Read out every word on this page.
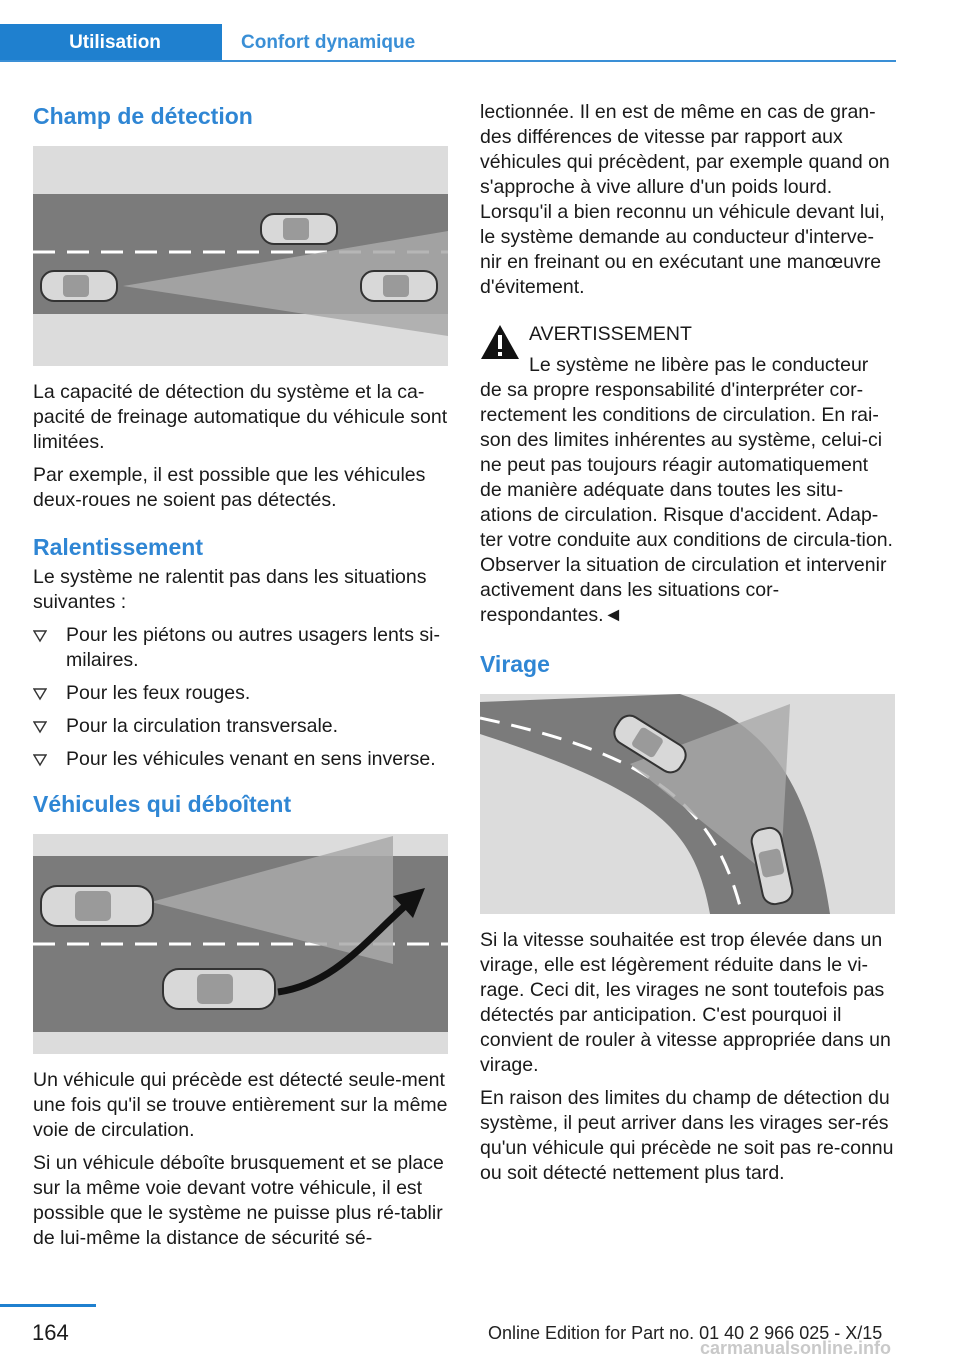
Utilisation	Confort dynamique
Champ de détection

La capacité de détection du système et la ca-pacité de freinage automatique du véhicule sont limitées.

Par exemple, il est possible que les véhicules deux-roues ne soient pas détectés.

Ralentissement

Le système ne ralentit pas dans les situations suivantes :

Pour les piétons ou autres usagers lents si-milaires.
Pour les feux rouges.
Pour la circulation transversale.
Pour les véhicules venant en sens inverse.
Véhicules qui déboîtent

Un véhicule qui précède est détecté seule-ment une fois qu'il se trouve entièrement sur la même voie de circulation.

Si un véhicule déboîte brusquement et se place sur la même voie devant votre véhicule, il est possible que le système ne puisse plus ré-tablir de lui-même la distance de sécurité sé-

lectionnée. Il en est de même en cas de gran-des différences de vitesse par rapport aux véhicules qui précèdent, par exemple quand on s'approche à vive allure d'un poids lourd. Lorsqu'il a bien reconnu un véhicule devant lui, le système demande au conducteur d'interve-nir en freinant ou en exécutant une manœuvre d'évitement.

AVERTISSEMENT

Le système ne libère pas le conducteur de sa propre responsabilité d'interpréter cor-rectement les conditions de circulation. En rai-son des limites inhérentes au système, celui-ci ne peut pas toujours réagir automatiquement de manière adéquate dans toutes les situ-ations de circulation. Risque d'accident. Adap-ter votre conduite aux conditions de circula-tion. Observer la situation de circulation et intervenir activement dans les situations cor-respondantes.◄

Virage

Si la vitesse souhaitée est trop élevée dans un virage, elle est légèrement réduite dans le vi-rage. Ceci dit, les virages ne sont toutefois pas détectés par anticipation. C'est pourquoi il convient de rouler à vitesse appropriée dans un virage.

En raison des limites du champ de détection du système, il peut arriver dans les virages ser-rés qu'un véhicule qui précède ne soit pas re-connu ou soit détecté nettement plus tard.

164	Online Edition for Part no. 01 40 2 966 025 - X/15
carmanualsonline.info
